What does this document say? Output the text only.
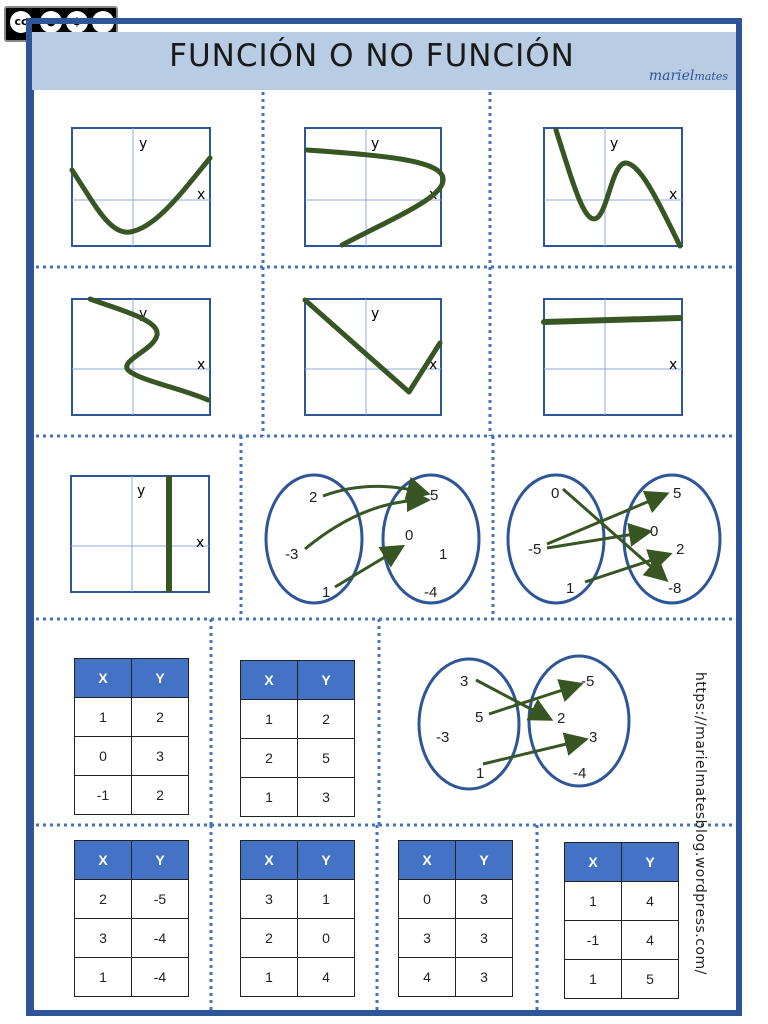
cc	●	$	=
FUNCIÓN O NO FUNCIÓN
marielmates
y
x
y
x
y
x
y
x
y
x	x
y
x
2
-3
1
5
0
1
-4
0
-5
1
5
0
2
-8
3
5
-3
1
-5
2
3
-4
X	Y
1	2
0	3
-1	2
X	Y
1	2
2	5
1	3
X	Y
2	-5
3	-4
1	-4
X	Y
3	1
2	0
1	4
X	Y
0	3
3	3
4	3
X	Y
1	4
-1	4
1	5
https://marielmatesblog.wordpress.com/
